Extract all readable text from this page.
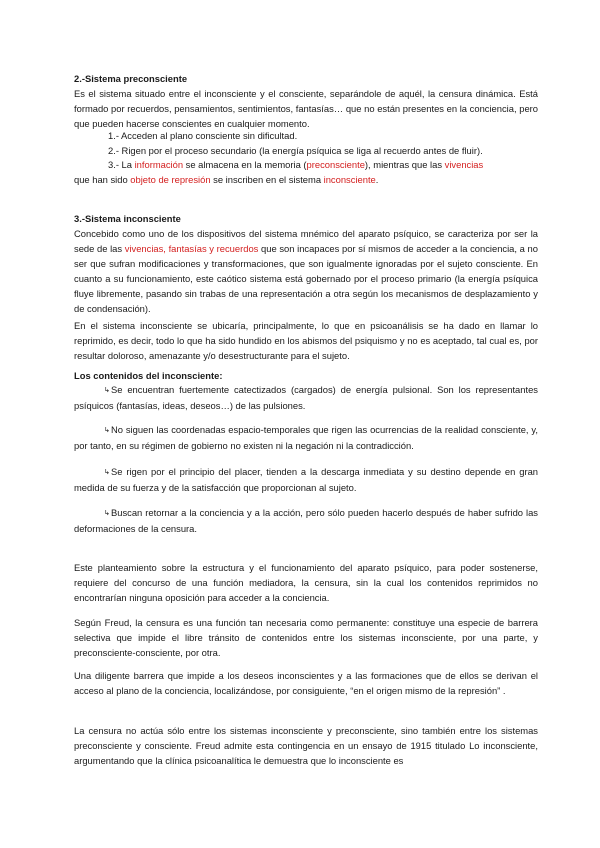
2.-Sistema preconsciente

Es el sistema situado entre el inconsciente y el consciente, separándole de aquél, la censura dinámica. Está formado por recuerdos, pensamientos, sentimientos, fantasías… que no están presentes en la conciencia, pero que pueden hacerse conscientes en cualquier momento.

1.- Acceden al plano consciente sin dificultad.

2.- Rigen por el proceso secundario (la energía psíquica se liga al recuerdo antes de fluir).

3.- La información se almacena en la memoria (preconsciente), mientras que las vivencias
que han sido objeto de represión se inscriben en el sistema inconsciente.

3.-Sistema inconsciente

Concebido como uno de los dispositivos del sistema mnémico del aparato psíquico, se caracteriza por ser la sede de las vivencias, fantasías y recuerdos que son incapaces por sí mismos de acceder a la conciencia, a no ser que sufran modificaciones y transformaciones, que son igualmente ignoradas por el sujeto consciente. En cuanto a su funcionamiento, este caótico sistema está gobernado por el proceso primario (la energía psíquica fluye libremente, pasando sin trabas de una representación a otra según los mecanismos de desplazamiento y de condensación).

En el sistema inconsciente se ubicaría, principalmente, lo que en psicoanálisis se ha dado en llamar lo reprimido, es decir, todo lo que ha sido hundido en los abismos del psiquismo y no es aceptado, tal cual es, por resultar doloroso, amenazante y/o desestructurante para el sujeto.

Los contenidos del inconsciente:

↳Se encuentran fuertemente catectizados (cargados) de energía pulsional. Son los representantes psíquicos (fantasías, ideas, deseos…) de las pulsiones.

↳No siguen las coordenadas espacio-temporales que rigen las ocurrencias de la realidad consciente, y, por tanto, en su régimen de gobierno no existen ni la negación ni la contradicción.

↳Se rigen por el principio del placer, tienden a la descarga inmediata y su destino depende en gran medida de su fuerza y de la satisfacción que proporcionan al sujeto.

↳Buscan retornar a la conciencia y a la acción, pero sólo pueden hacerlo después de haber sufrido las deformaciones de la censura.

Este planteamiento sobre la estructura y el funcionamiento del aparato psíquico, para poder sostenerse, requiere del concurso de una función mediadora, la censura, sin la cual los contenidos reprimidos no encontrarían ninguna oposición para acceder a la conciencia.

Según Freud, la censura es una función tan necesaria como permanente: constituye una especie de barrera selectiva que impide el libre tránsito de contenidos entre los sistemas inconsciente, por una parte, y preconsciente-consciente, por otra.

Una diligente barrera que impide a los deseos inconscientes y a las formaciones que de ellos se derivan el acceso al plano de la conciencia, localizándose, por consiguiente, “en el origen mismo de la represión” .

La censura no actúa sólo entre los sistemas inconsciente y preconsciente, sino también entre los sistemas preconsciente y consciente. Freud admite esta contingencia en un ensayo de 1915 titulado Lo inconsciente, argumentando que la clínica psicoanalítica le demuestra que lo inconsciente es
